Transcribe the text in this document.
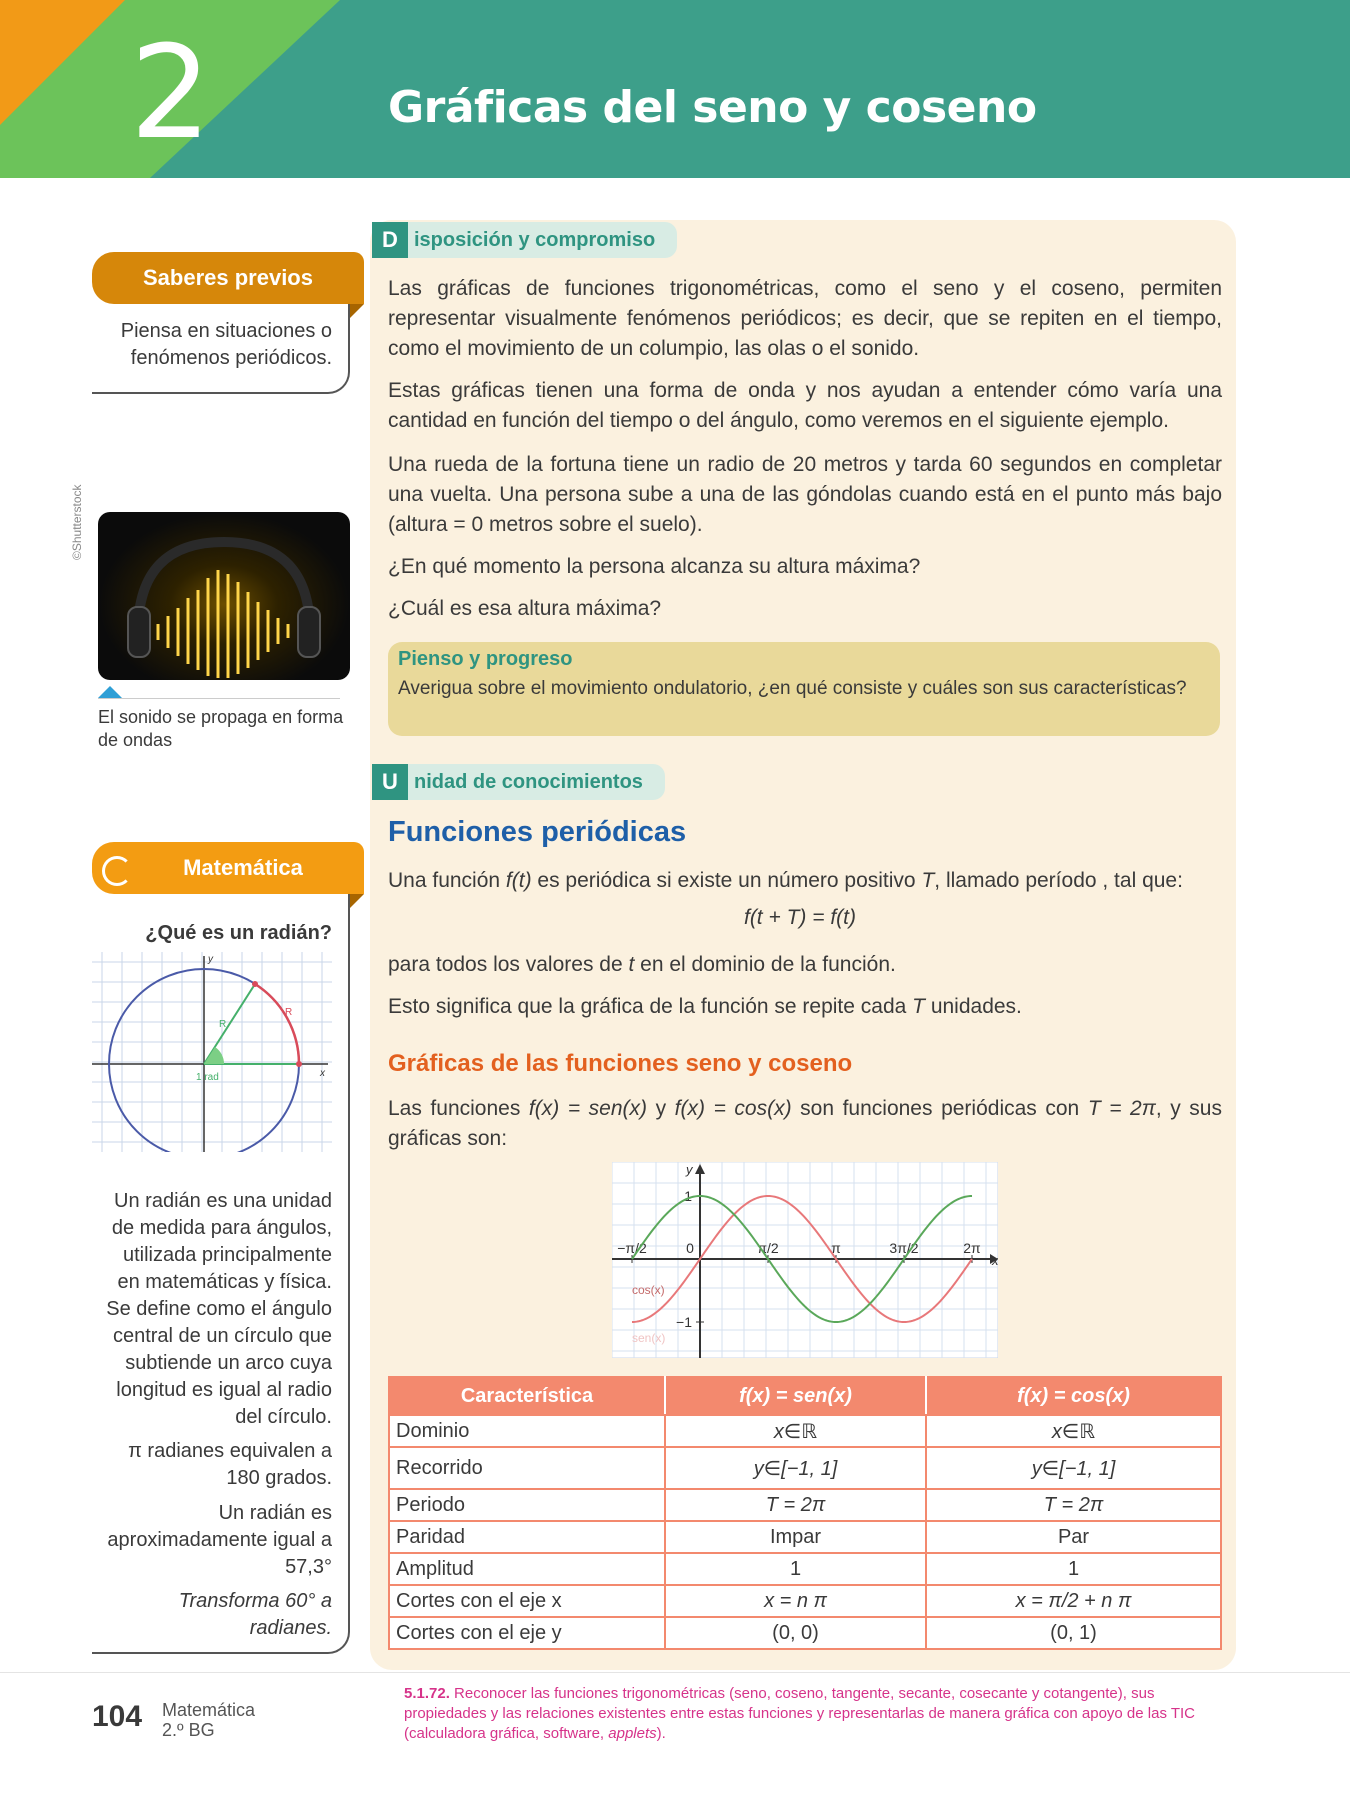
2	Gráficas del seno y coseno
Saberes previos
Piensa en situaciones o fenómenos periódicos.
©Shutterstock
El sonido se propaga en forma de ondas
Matemática
¿Qué es un radián?
y
x
R
R
1 rad
Un radián es una unidad de medida para ángulos, utilizada principalmente en matemáticas y física. Se define como el ángulo central de un círculo que subtiende un arco cuya longitud es igual al radio del círculo.
π radianes equivalen a 180 grados.
Un radián es aproximadamente igual a 57,3°
Transforma 60° a radianes.
D isposición y compromiso
Las gráficas de funciones trigonométricas, como el seno y el coseno, permiten representar visualmente fenómenos periódicos; es decir, que se repiten en el tiempo, como el movimiento de un columpio, las olas o el sonido.
Estas gráficas tienen una forma de onda y nos ayudan a entender cómo varía una cantidad en función del tiempo o del ángulo, como veremos en el siguiente ejemplo.
Una rueda de la fortuna tiene un radio de 20 metros y tarda 60 segundos en completar una vuelta. Una persona sube a una de las góndolas cuando está en el punto más bajo (altura = 0 metros sobre el suelo).
¿En qué momento la persona alcanza su altura máxima?
¿Cuál es esa altura máxima?
Pienso y progreso
Averigua sobre el movimiento ondulatorio, ¿en qué consiste y cuáles son sus características?
U nidad de conocimientos
Funciones periódicas
Una función f(t) es periódica si existe un número positivo T, llamado período , tal que:
f(t + T) = f(t)
para todos los valores de t en el dominio de la función.
Esto significa que la gráfica de la función se repite cada T unidades.
Gráficas de las funciones seno y coseno
Las funciones f(x) = sen(x) y f(x) = cos(x) son funciones periódicas con T = 2π, y sus gráficas son:
−π/2	0	π/2	π	3π/2	2π
1
−1
x
y
sen(x)
cos(x)
Característica	f(x) = sen(x)	f(x) = cos(x)
Dominio	x∈ℝ	x∈ℝ
Recorrido	y∈[−1, 1]	y∈[−1, 1]
Periodo	T = 2π	T = 2π
Paridad	Impar	Par
Amplitud	1	1
Cortes con el eje x	x = n π	x = π/2 + n π
Cortes con el eje y	(0, 0)	(0, 1)
104 Matemática
2.º BG
5.1.72. Reconocer las funciones trigonométricas (seno, coseno, tangente, secante, cosecante y cotangente), sus propiedades y las relaciones existentes entre estas funciones y representarlas de manera gráfica con apoyo de las TIC (calculadora gráfica, software, applets).
